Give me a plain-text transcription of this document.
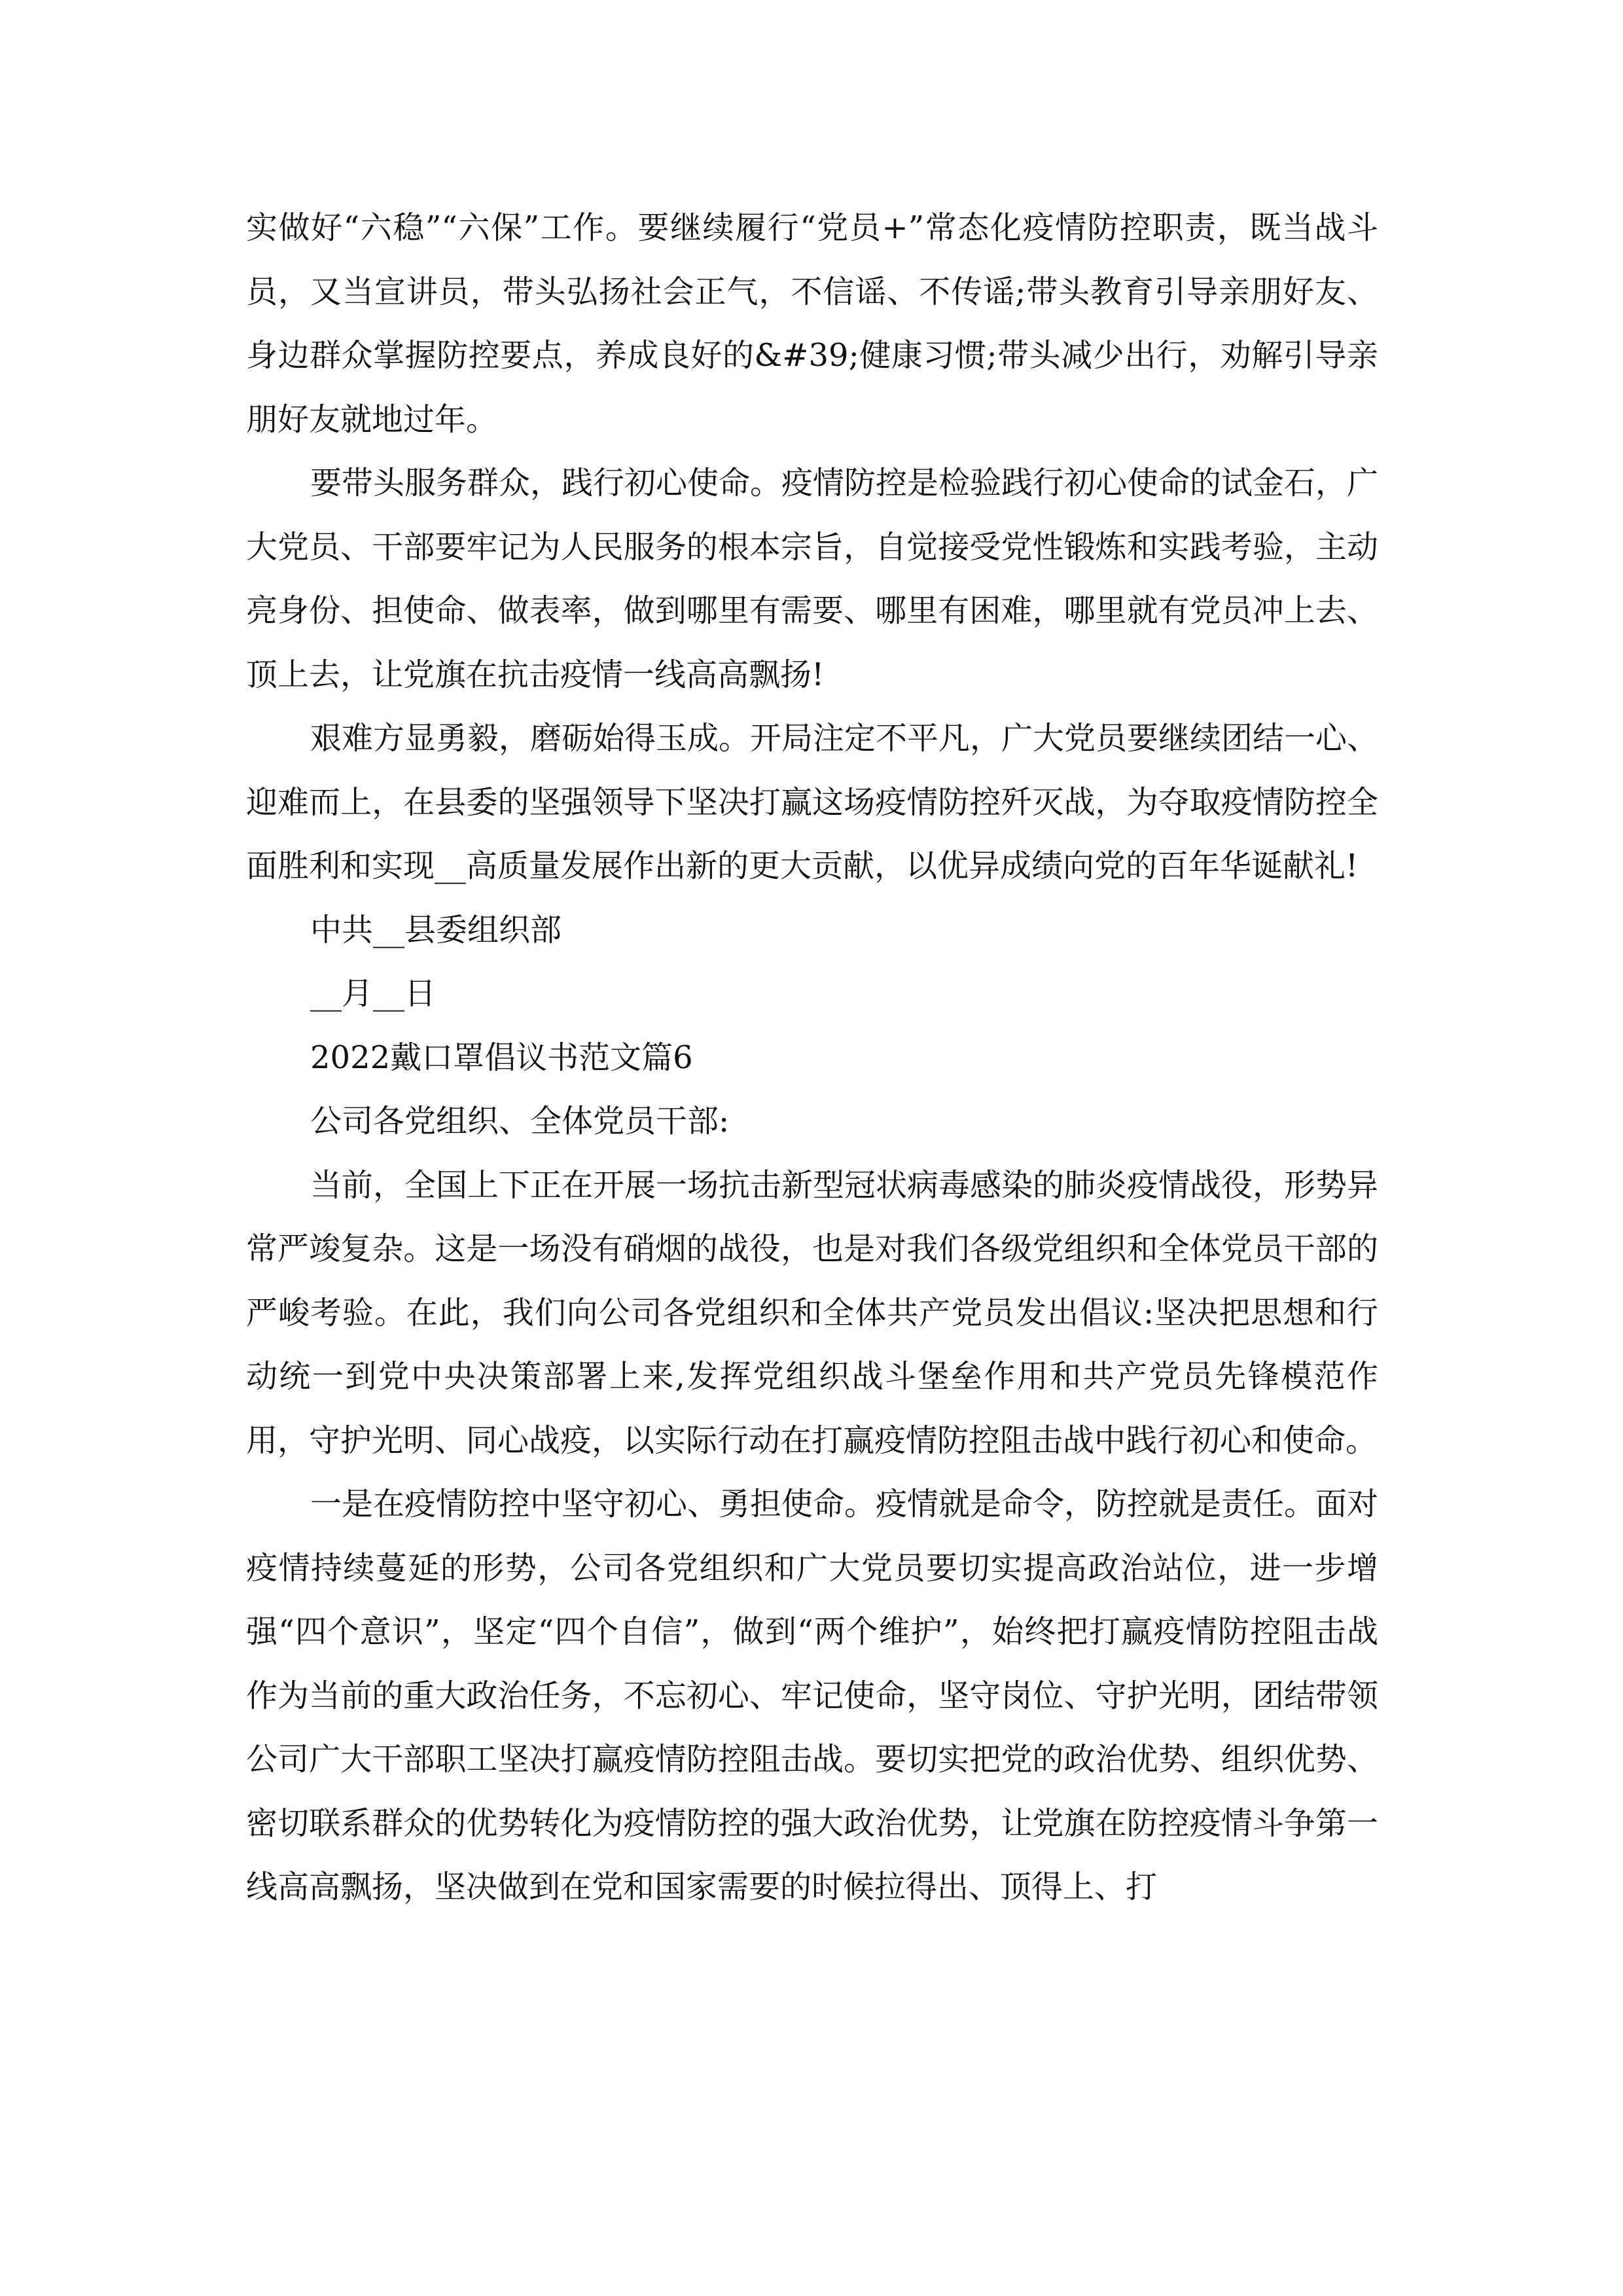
实做好“六稳”“六保”工作。要继续履行“党员+”常态化疫情防控职责，既当战斗员，又当宣讲员，带头弘扬社会正气，不信谣、不传谣;带头教育引导亲朋好友、身边群众掌握防控要点，养成良好的&#39;健康习惯;带头减少出行，劝解引导亲朋好友就地过年。

要带头服务群众，践行初心使命。疫情防控是检验践行初心使命的试金石，广大党员、干部要牢记为人民服务的根本宗旨，自觉接受党性锻炼和实践考验，主动亮身份、担使命、做表率，做到哪里有需要、哪里有困难，哪里就有党员冲上去、顶上去，让党旗在抗击疫情一线高高飘扬!

艰难方显勇毅，磨砺始得玉成。开局注定不平凡，广大党员要继续团结一心、迎难而上，在县委的坚强领导下坚决打赢这场疫情防控歼灭战，为夺取疫情防控全面胜利和实现__高质量发展作出新的更大贡献，以优异成绩向党的百年华诞献礼!

中共__县委组织部

__月__日

2022戴口罩倡议书范文篇6

公司各党组织、全体党员干部:

当前，全国上下正在开展一场抗击新型冠状病毒感染的肺炎疫情战役，形势异常严竣复杂。这是一场没有硝烟的战役，也是对我们各级党组织和全体党员干部的严峻考验。在此，我们向公司各党组织和全体共产党员发出倡议:坚决把思想和行动统一到党中央决策部署上来,发挥党组织战斗堡垒作用和共产党员先锋模范作用，守护光明、同心战疫，以实际行动在打赢疫情防控阻击战中践行初心和使命。

一是在疫情防控中坚守初心、勇担使命。疫情就是命令，防控就是责任。面对疫情持续蔓延的形势，公司各党组织和广大党员要切实提高政治站位，进一步增强“四个意识”，坚定“四个自信”，做到“两个维护”，始终把打赢疫情防控阻击战作为当前的重大政治任务，不忘初心、牢记使命，坚守岗位、守护光明，团结带领公司广大干部职工坚决打赢疫情防控阻击战。要切实把党的政治优势、组织优势、密切联系群众的优势转化为疫情防控的强大政治优势，让党旗在防控疫情斗争第一线高高飘扬，坚决做到在党和国家需要的时候拉得出、顶得上、打
